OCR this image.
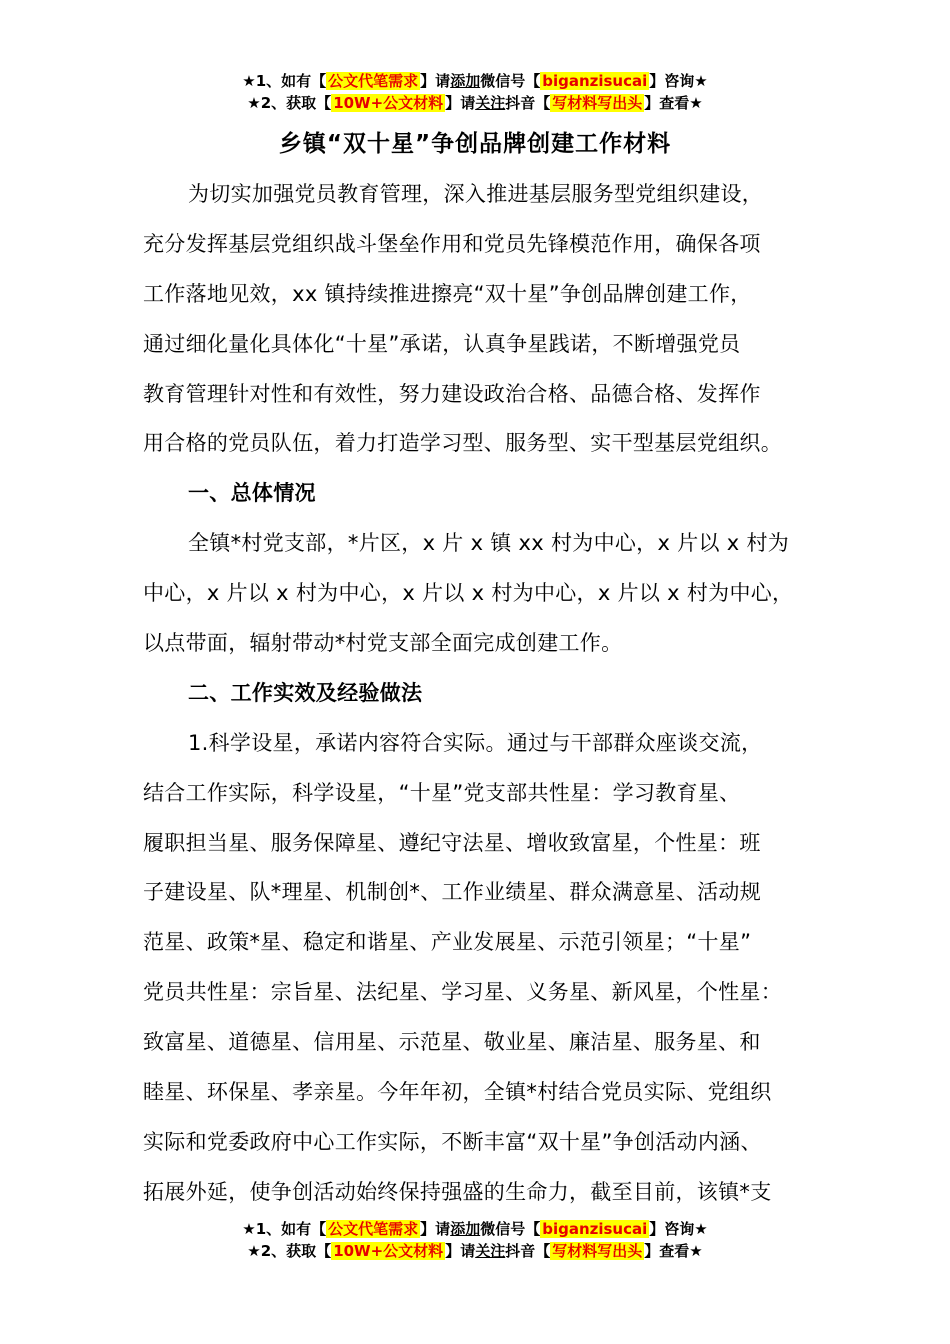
★1、如有【 公文代笔需求 】请添加微信号【 biganzisucai 】咨询★
★2、获取【 10W+公文材料 】请关注抖音【 写材料写出头 】查看★
乡镇“双十星”争创品牌创建工作材料
为切实加强党员教育管理，深入推进基层服务型党组织建设，
充分发挥基层党组织战斗堡垒作用和党员先锋模范作用，确保各项
工作落地见效，xx 镇持续推进擦亮“双十星”争创品牌创建工作，
通过细化量化具体化“十星”承诺，认真争星践诺，不断增强党员
教育管理针对性和有效性，努力建设政治合格、品德合格、发挥作
用合格的党员队伍，着力打造学习型、服务型、实干型基层党组织。
一、总体情况
全镇*村党支部，*片区，x 片 x 镇 xx 村为中心，x 片以 x 村为
中心，x 片以 x 村为中心，x 片以 x 村为中心，x 片以 x 村为中心，
以点带面，辐射带动*村党支部全面完成创建工作。
二、工作实效及经验做法
1.科学设星，承诺内容符合实际。通过与干部群众座谈交流，
结合工作实际，科学设星，“十星”党支部共性星：学习教育星、
履职担当星、服务保障星、遵纪守法星、增收致富星，个性星：班
子建设星、队*理星、机制创*、工作业绩星、群众满意星、活动规
范星、政策*星、稳定和谐星、产业发展星、示范引领星；“十星”
党员共性星：宗旨星、法纪星、学习星、义务星、新风星，个性星：
致富星、道德星、信用星、示范星、敬业星、廉洁星、服务星、和
睦星、环保星、孝亲星。今年年初，全镇*村结合党员实际、党组织
实际和党委政府中心工作实际，不断丰富“双十星”争创活动内涵、
拓展外延，使争创活动始终保持强盛的生命力，截至目前，该镇*支
★1、如有【 公文代笔需求 】请添加微信号【 biganzisucai 】咨询★
★2、获取【 10W+公文材料 】请关注抖音【 写材料写出头 】查看★
